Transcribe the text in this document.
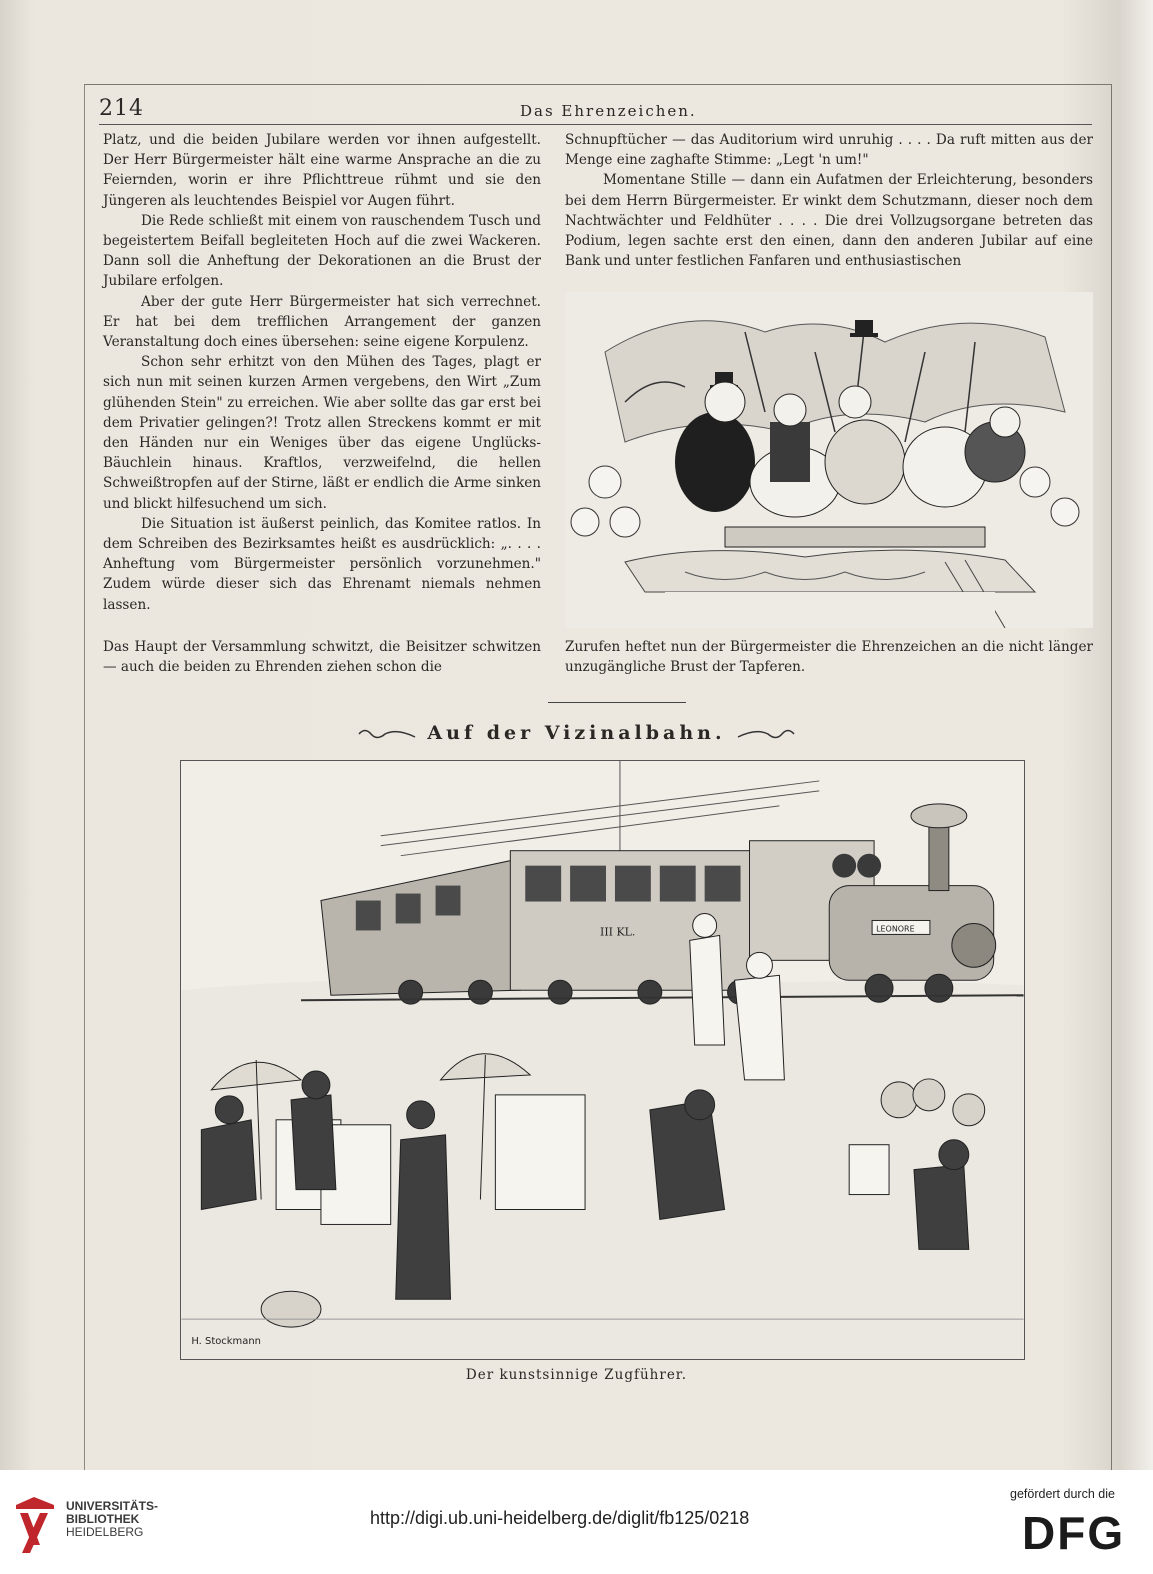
214	Das Ehrenzeichen.

Platz, und die beiden Jubilare werden vor ihnen aufgestellt. Der Herr Bürgermeister hält eine warme Ansprache an die zu Feiernden, worin er ihre Pflichttreue rühmt und sie den Jüngeren als leuchtendes Beispiel vor Augen führt.

Die Rede schließt mit einem von rauschendem Tusch und begeistertem Beifall begleiteten Hoch auf die zwei Wackeren. Dann soll die Anheftung der Dekorationen an die Brust der Jubilare erfolgen.

Aber der gute Herr Bürgermeister hat sich verrechnet. Er hat bei dem trefflichen Arrangement der ganzen Veranstaltung doch eines übersehen: seine eigene Korpulenz.

Schon sehr erhitzt von den Mühen des Tages, plagt er sich nun mit seinen kurzen Armen vergebens, den Wirt „Zum glühenden Stein" zu erreichen. Wie aber sollte das gar erst bei dem Privatier gelingen?! Trotz allen Streckens kommt er mit den Händen nur ein Weniges über das eigene Unglücks-Bäuchlein hinaus. Kraftlos, verzweifelnd, die hellen Schweißtropfen auf der Stirne, läßt er endlich die Arme sinken und blickt hilfesuchend um sich.

Die Situation ist äußerst peinlich, das Komitee ratlos. In dem Schreiben des Bezirksamtes heißt es ausdrücklich: „. . . . Anheftung vom Bürgermeister persönlich vorzunehmen." Zudem würde dieser sich das Ehrenamt niemals nehmen lassen.

Schnupftücher — das Auditorium wird unruhig . . . . Da ruft mitten aus der Menge eine zaghafte Stimme: „Legt 'n um!"

Momentane Stille — dann ein Aufatmen der Erleichterung, besonders bei dem Herrn Bürgermeister. Er winkt dem Schutzmann, dieser noch dem Nachtwächter und Feldhüter . . . . Die drei Vollzugsorgane betreten das Podium, legen sachte erst den einen, dann den anderen Jubilar auf eine Bank und unter festlichen Fanfaren und enthusiastischen

Das Haupt der Versammlung schwitzt, die Beisitzer schwitzen — auch die beiden zu Ehrenden ziehen schon die
Zurufen heftet nun der Bürgermeister die Ehrenzeichen an die nicht länger unzugängliche Brust der Tapferen.
Auf der Vizinalbahn.
III KL.	LEONORE
H. Stockmann
Der kunstsinnige Zugführer.
UNIVERSITÄTS-
BIBLIOTHEK
HEIDELBERG
http://digi.ub.uni-heidelberg.de/diglit/fb125/0218
gefördert durch die
DFG
